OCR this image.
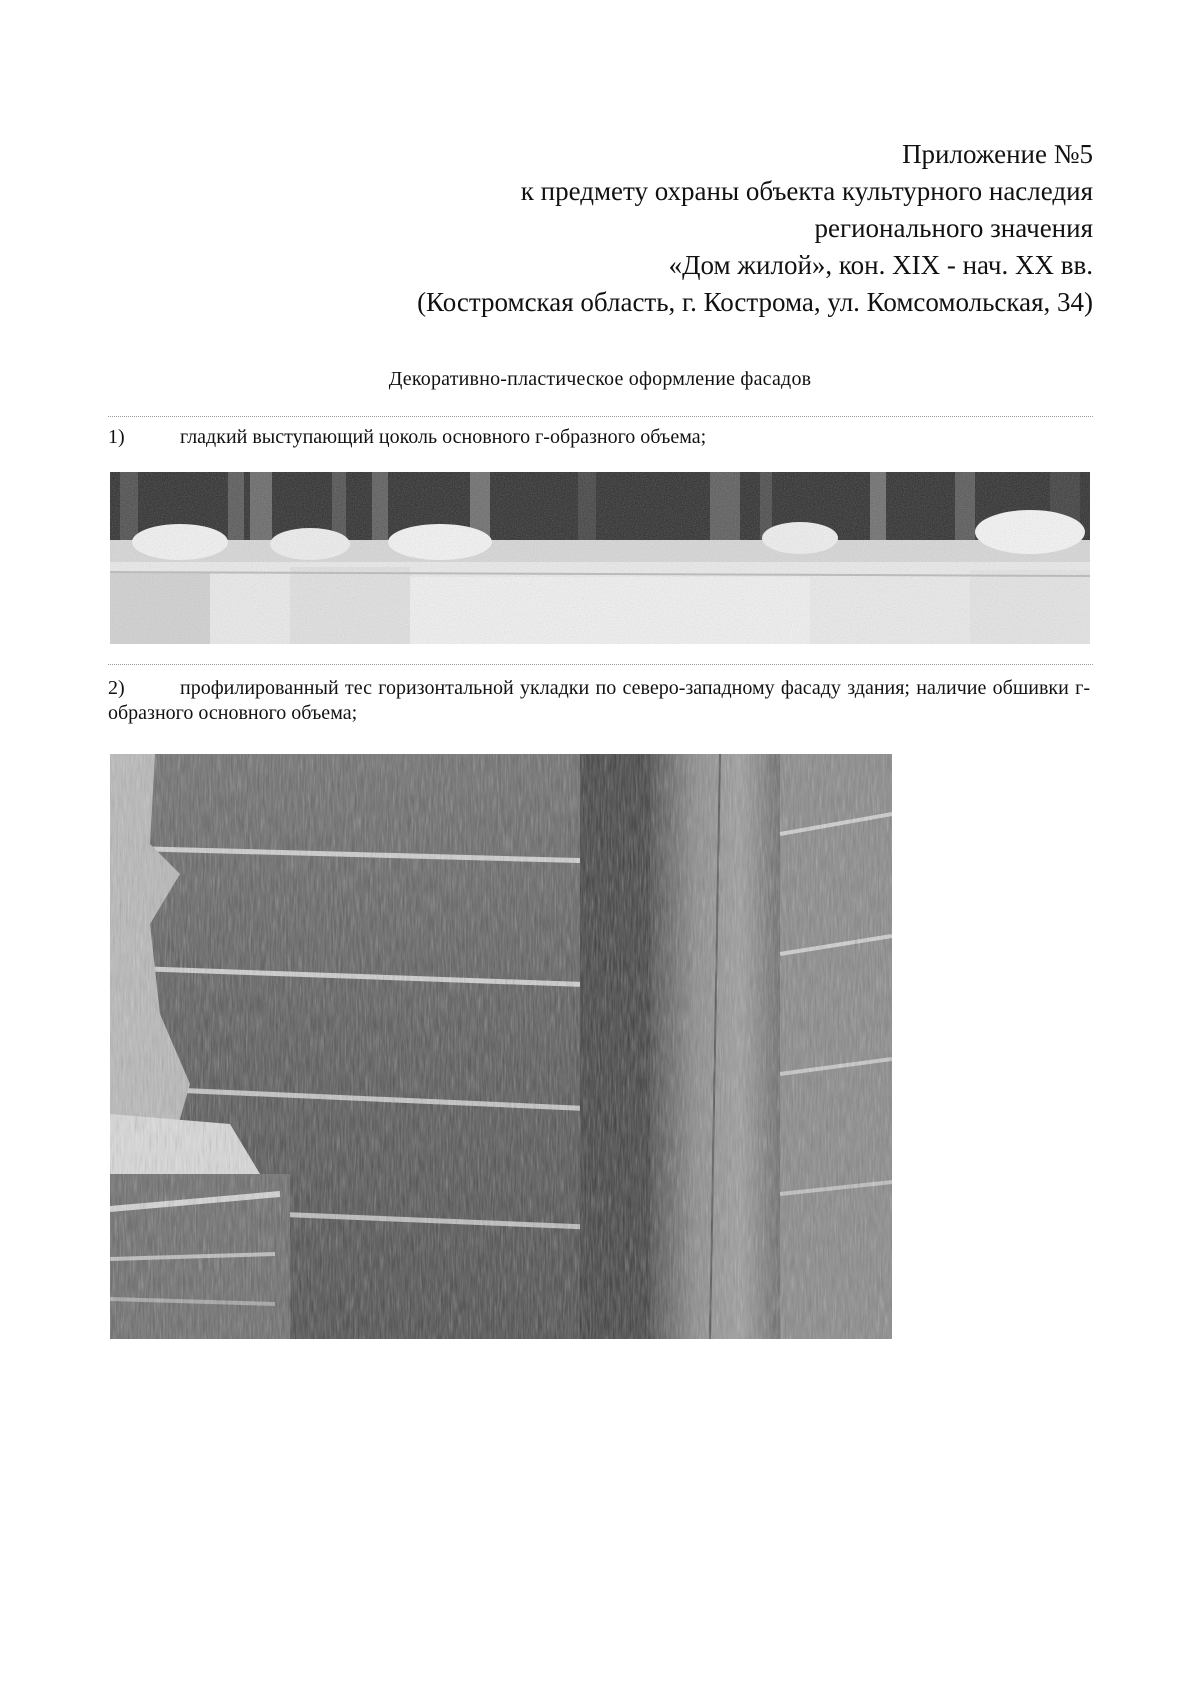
Приложение №5
к предмету охраны объекта культурного наследия
регионального значения
«Дом жилой», кон. XIX - нач. XX вв.
(Костромская область, г. Кострома, ул. Комсомольская, 34)
Декоративно-пластическое оформление фасадов
1)	гладкий выступающий цоколь основного г-образного объема;
2)	профилированный тес горизонтальной укладки по северо-западному фасаду здания; наличие обшивки г-образного основного объема;
